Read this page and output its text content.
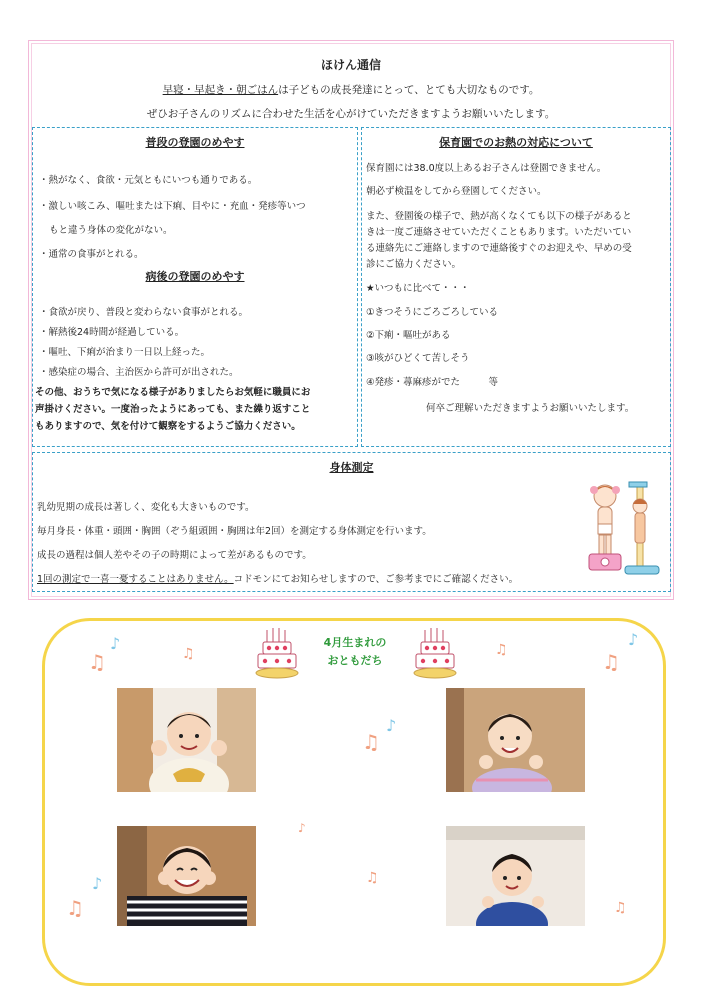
ほけん通信
早寝・早起き・朝ごはんは子どもの成長発達にとって、とても大切なものです。
ぜひお子さんのリズムに合わせた生活を心がけていただきますようお願いいたします。
普段の登園のめやす
・熱がなく、食欲・元気ともにいつも通りである。
・激しい咳こみ、嘔吐または下痢、目やに・充血・発疹等いつ
もと違う身体の変化がない。
・通常の食事がとれる。
病後の登園のめやす
・食欲が戻り、普段と変わらない食事がとれる。
・解熱後24時間が経過している。
・嘔吐、下痢が治まり一日以上経った。
・感染症の場合、主治医から許可が出された。
その他、おうちで気になる様子がありましたらお気軽に職員にお
声掛けください。一度治ったようにあっても、また繰り返すこと
もありますので、気を付けて観察をするようご協力ください。
保育園でのお熱の対応について
保育園には38.0度以上あるお子さんは登園できません。
朝必ず検温をしてから登園してください。
また、登園後の様子で、熱が高くなくても以下の様子があると
きは一度ご連絡させていただくこともあります。いただいてい
る連絡先にご連絡しますので連絡後すぐのお迎えや、早めの受
診にご協力ください。
★いつもに比べて・・・
①きつそうにごろごろしている
②下痢・嘔吐がある
③咳がひどくて苦しそう
④発疹・蕁麻疹がでた　　　等
何卒ご理解いただきますようお願いいたします。
身体測定
乳幼児期の成長は著しく、変化も大きいものです。
毎月身長・体重・頭囲・胸囲（ぞう組頭囲・胸囲は年2回）を測定する身体測定を行います。
成長の過程は個人差やその子の時期によって差があるものです。
1回の測定で一喜一憂することはありません。コドモンにてお知らせしますので、ご参考までにご確認ください。
4月生まれの
おともだち
♫
♪
♫	♫	♫
♪
♫
♪
♪
♫
♫
♪
♫
